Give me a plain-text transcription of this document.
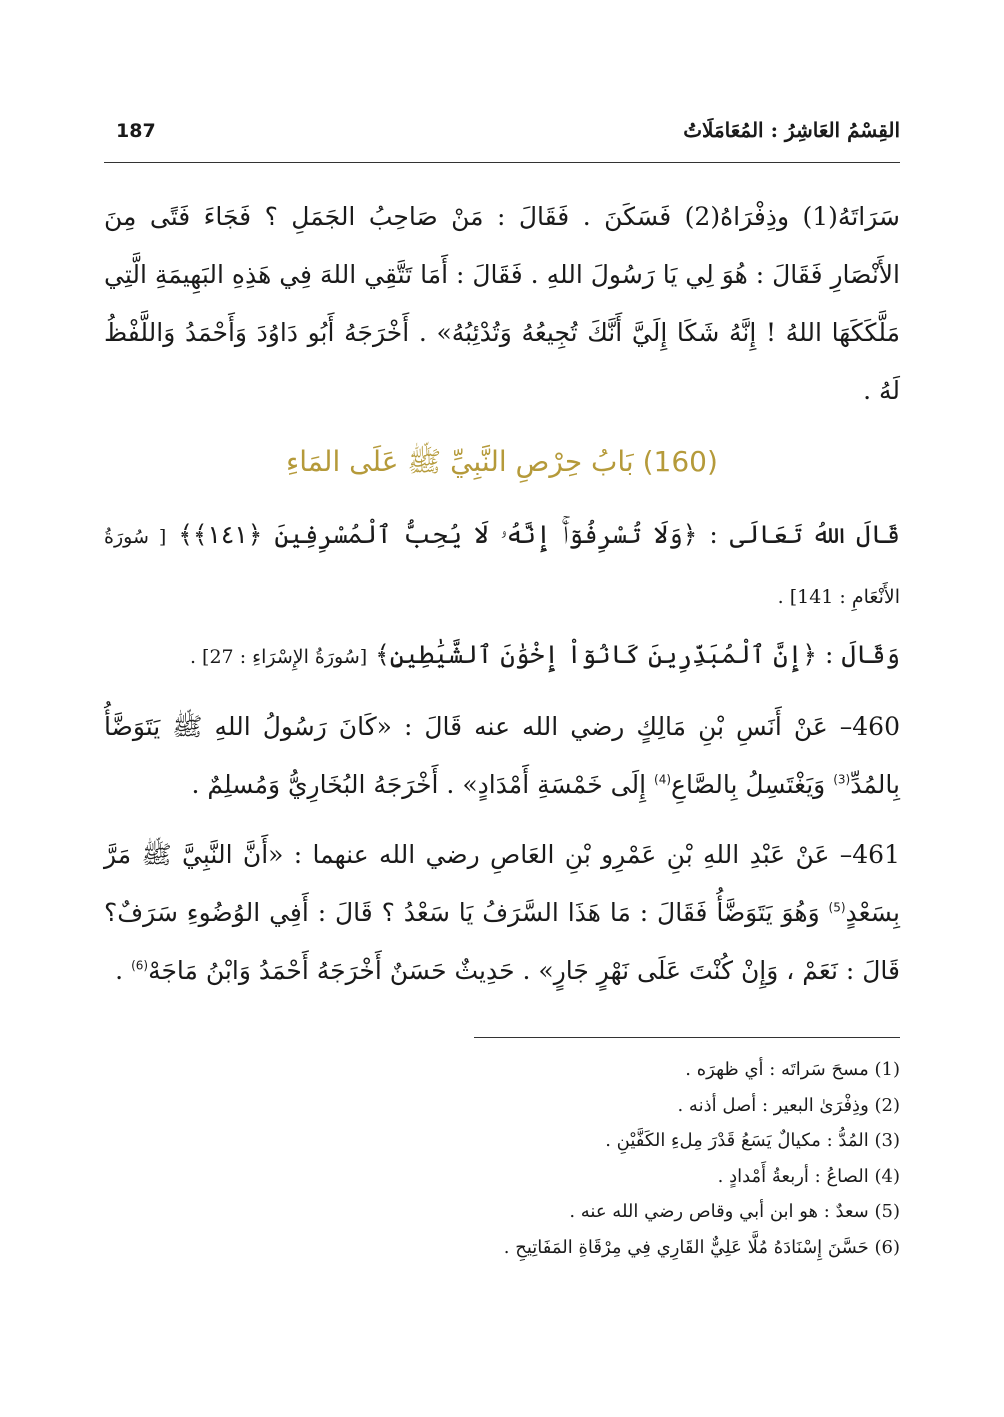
القِسْمُ العَاشِرُ : المُعَامَلَاتُ
187

سَرَاتَهُ(1) وذِفْرَاهُ(2) فَسَكَنَ . فَقَالَ : مَنْ صَاحِبُ الجَمَلِ ؟ فَجَاءَ فَتًى مِنَ الأَنْصَارِ فَقَالَ : هُوَ لِي يَا رَسُولَ اللهِ . فَقَالَ : أَمَا تَتَّقِي اللهَ فِي هَذِهِ البَهِيمَةِ الَّتِي مَلَّكَكَهَا اللهُ ! إِنَّهُ شَكَا إِلَيَّ أَنَّكَ تُجِيعُهُ وَتُدْئِبُهُ» . أَخْرَجَهُ أَبُو دَاوُدَ وَأَحْمَدُ وَاللَّفْظُ لَهُ .

(160) بَابُ حِرْصِ النَّبِيِّ ﷺ عَلَى المَاءِ

قَالَ اللهُ تَعَالَى : ﴿وَلَا تُسْرِفُوٓاْۚ إِنَّهُۥ لَا يُحِبُّ ٱلْمُسْرِفِينَ ﴿١٤١﴾﴾ [ سُورَةُ الأَنْعَامِ : 141] .

وَقَالَ : ﴿إِنَّ ٱلْمُبَذِّرِينَ كَانُوٓاْ إِخْوَٰنَ ٱلشَّيَٰطِينِ﴾ [سُورَةُ الإِسْرَاءِ : 27] .

460– عَنْ أَنَسِ بْنِ مَالِكٍ رضي الله عنه قَالَ : «كَانَ رَسُولُ اللهِ ﷺ يَتَوَضَّأُ بِالمُدِّ$^{(3)}$ وَيَغْتَسِلُ بِالصَّاعِ$^{(4)}$ إِلَى خَمْسَةِ أَمْدَادٍ» . أَخْرَجَهُ البُخَارِيُّ وَمُسلِمٌ .

461– عَنْ عَبْدِ اللهِ بْنِ عَمْرِو بْنِ العَاصِ رضي الله عنهما : «أَنَّ النَّبِيَّ ﷺ مَرَّ بِسَعْدٍ$^{(5)}$ وَهُوَ يَتَوَضَّأُ فَقَالَ : مَا هَذَا السَّرَفُ يَا سَعْدُ ؟ قَالَ : أَفِي الوُضُوءِ سَرَفٌ؟ قَالَ : نَعَمْ ، وَإِنْ كُنْتَ عَلَى نَهْرٍ جَارٍ» . حَدِيثٌ حَسَنٌ أَخْرَجَهُ أَحْمَدُ وَابْنُ مَاجَهْ$^{(6)}$ .

(1) مسحَ سَراتَه : أي ظهرَه .

(2) وذِفْرَىٰ البعير : أصل أذنه .

(3) المُدُّ : مكيالٌ يَسَعُ قَدْرَ مِلءِ الكَفَّيْنِ .

(4) الصاعُ : أربعةُ أَمْدادٍ .

(5) سعدٌ : هو ابن أبي وقاص رضي الله عنه .

(6) حَسَّنَ إِسْنَادَهُ مُلَّا عَلِيٌّ القَارِي فِي مِرْقَاةِ المَفَاتِيحِ .
